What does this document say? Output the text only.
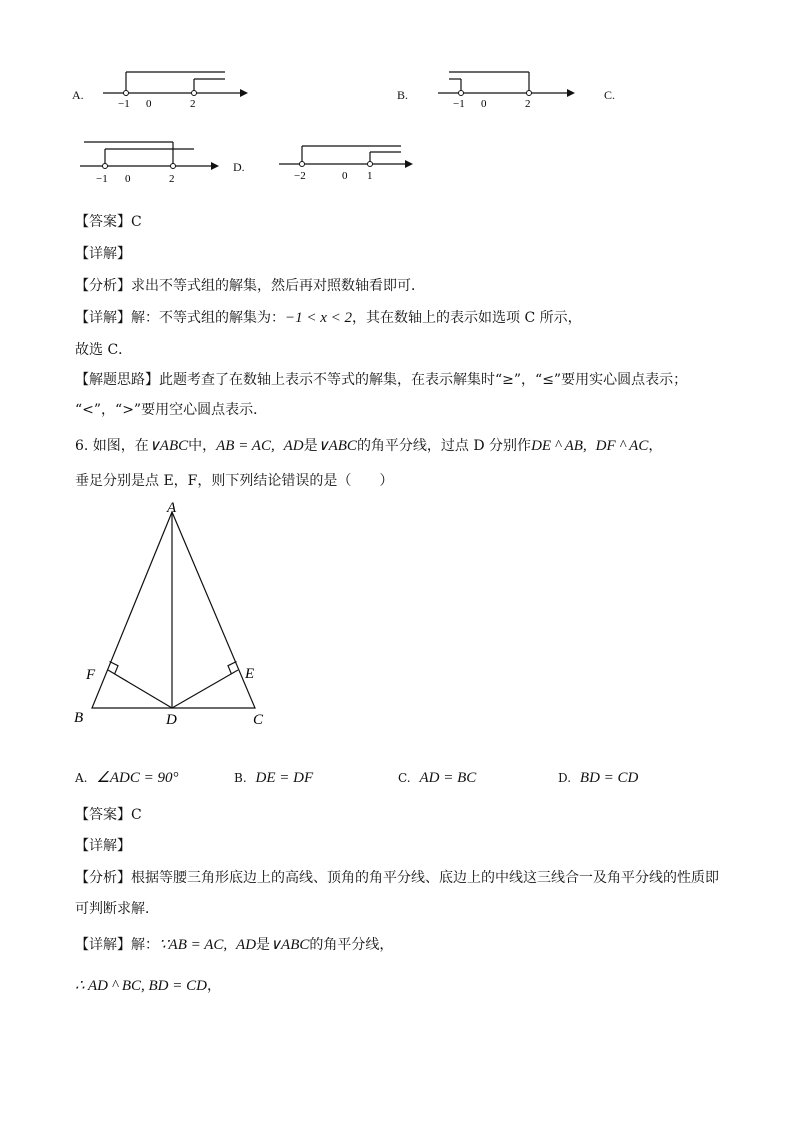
A.
−1 0	2
B.
−1 0	2
C.
−1 0	2
D.
−2	0 1
【答案】C
【详解】
【分析】求出不等式组的解集，然后再对照数轴看即可．
【详解】解：不等式组的解集为：−1 < x < 2，其在数轴上的表示如选项 C 所示，
故选 C．
【解题思路】此题考查了在数轴上表示不等式的解集，在表示解集时“≥”，“≤”要用实心圆点表示；
“<”，“>”要用空心圆点表示．
6. 如图，在∨ABC中，AB = AC, AD是∨ABC的角平分线，过点 D 分别作DE ^ AB, DF ^ AC，
垂足分别是点 E，F，则下列结论错误的是（　　）
A
B	C
D
E
F
A. ∠ADC = 90°	B. DE = DF	C. AD = BC	D. BD = CD
【答案】C
【详解】
【分析】根据等腰三角形底边上的高线、顶角的角平分线、底边上的中线这三线合一及角平分线的性质即
可判断求解．
【详解】解：∵AB = AC, AD是∨ABC的角平分线，
∴ AD ^ BC, BD = CD，
